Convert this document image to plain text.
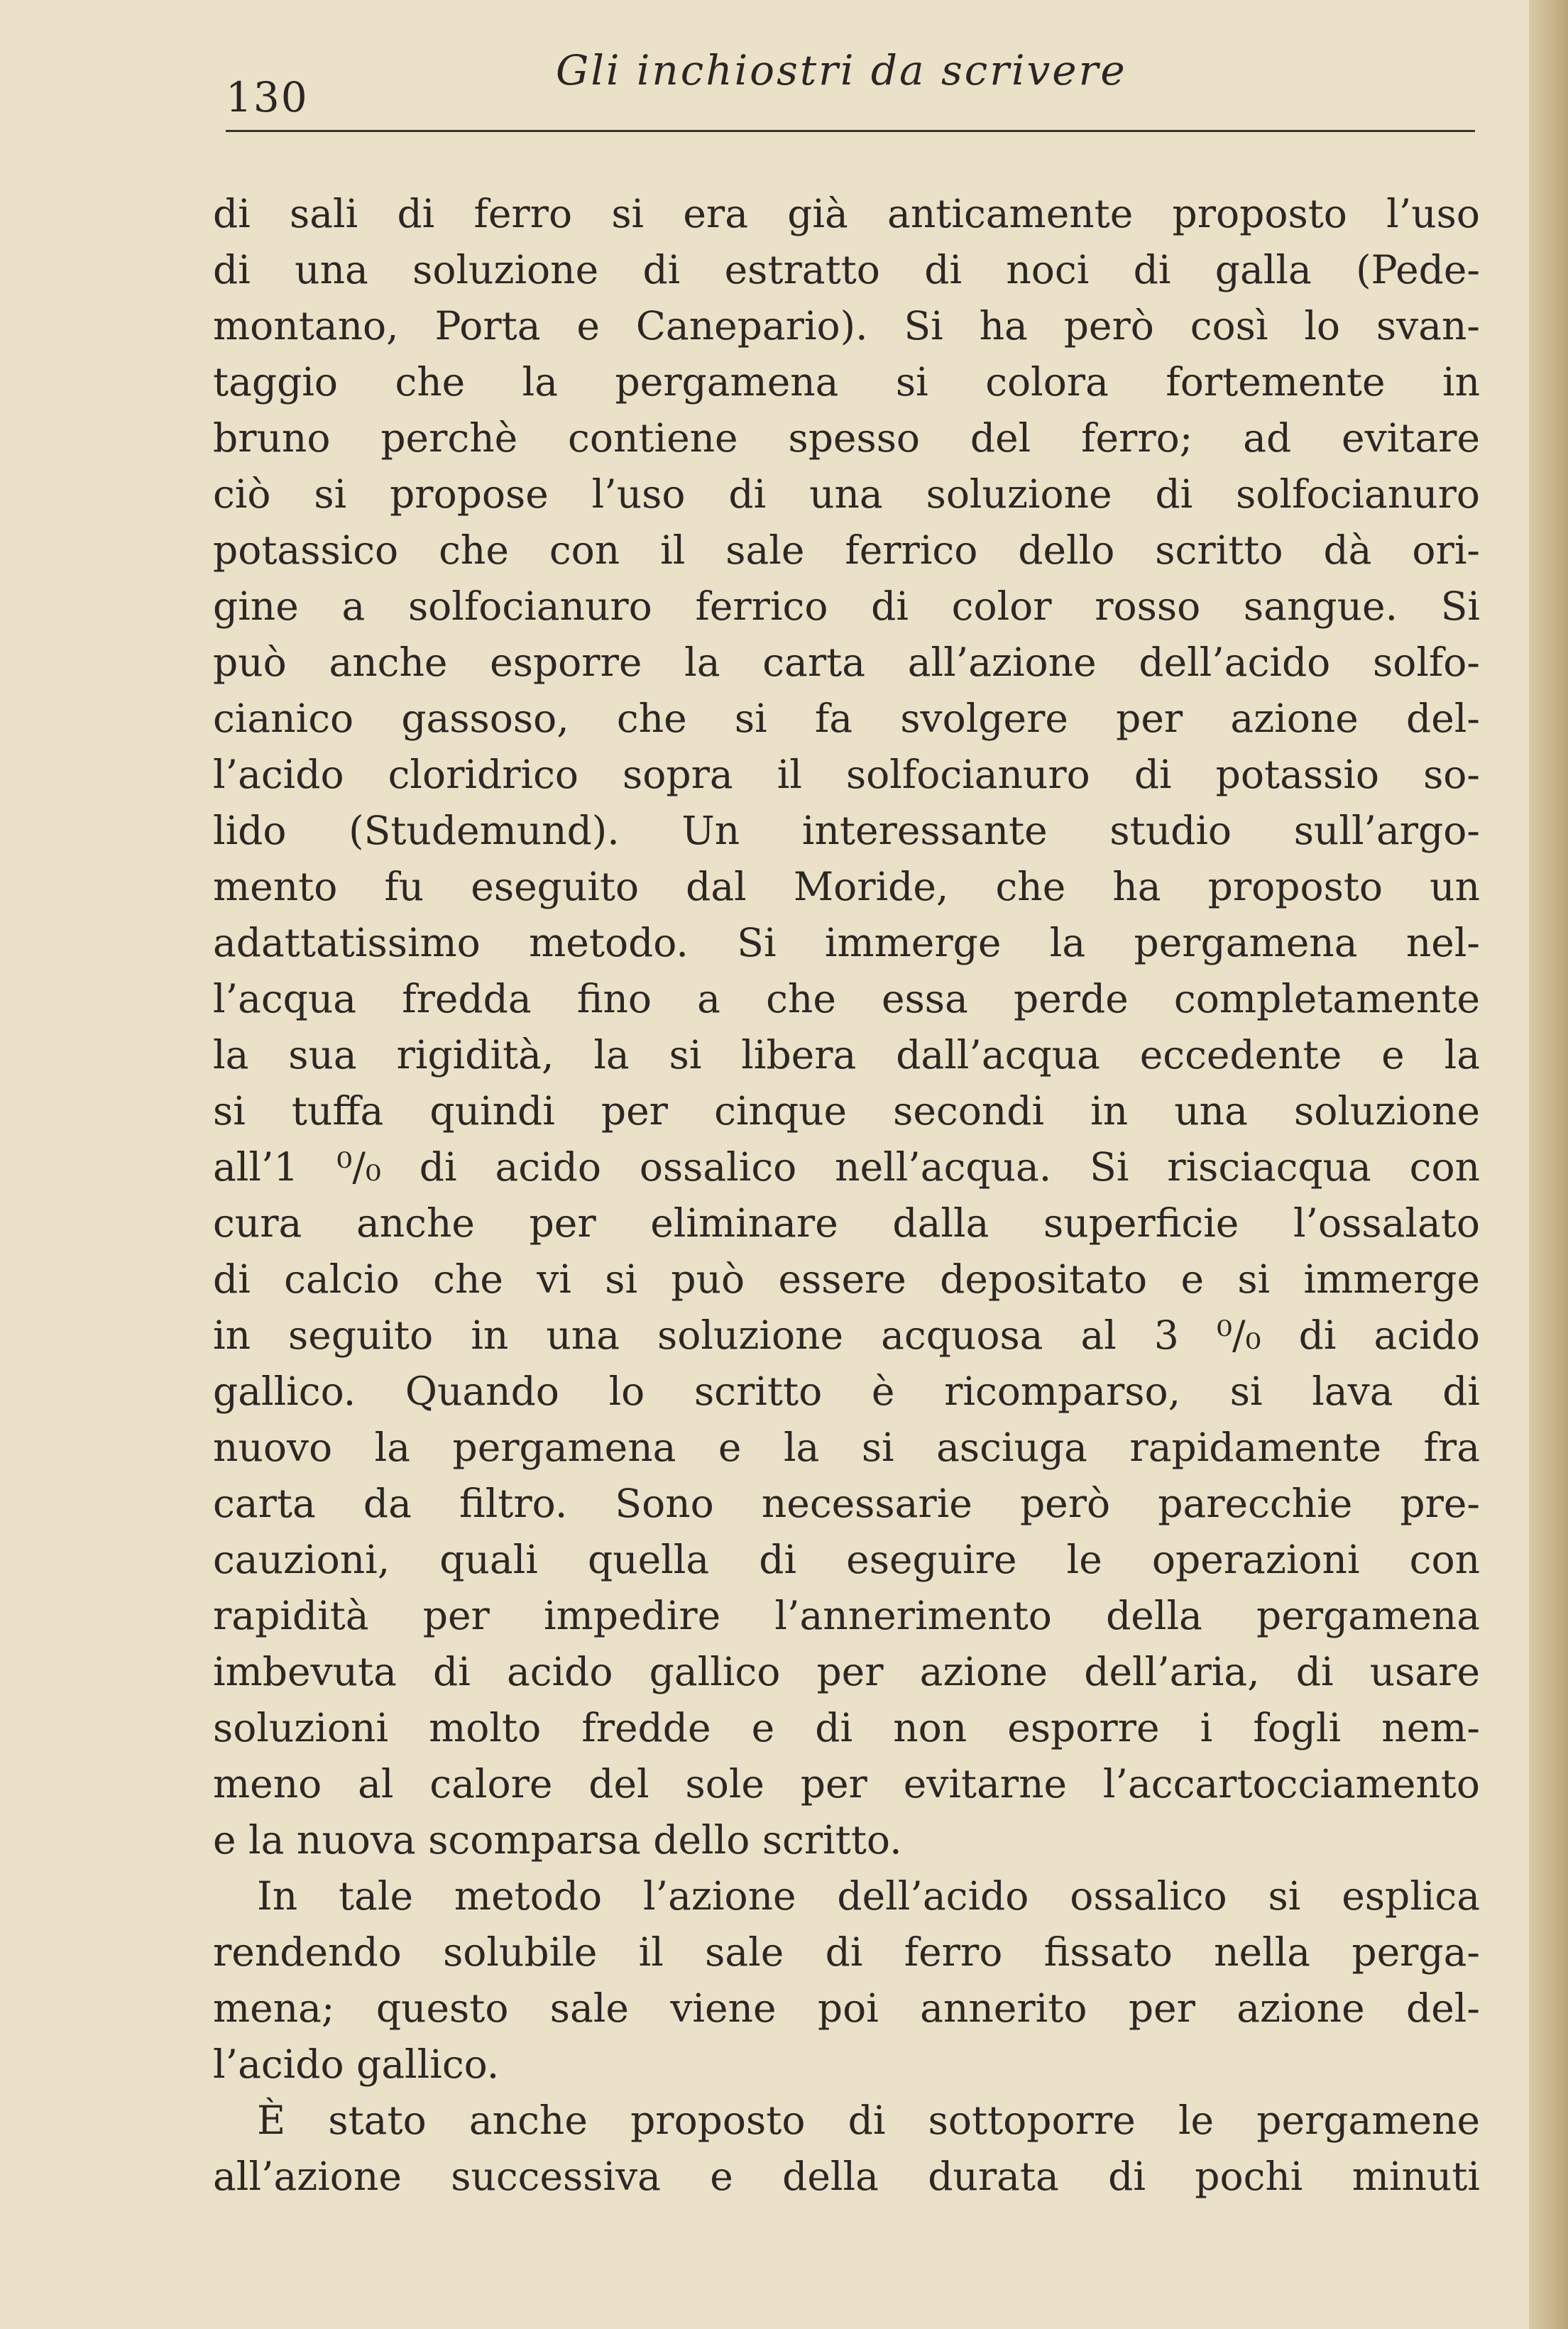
130
Gli inchiostri da scrivere
di sali di ferro si era già anticamente proposto l’uso
di una soluzione di estratto di noci di galla (Pede-
montano, Porta e Canepario). Si ha però così lo svan-
taggio che la pergamena si colora fortemente in
bruno perchè contiene spesso del ferro; ad evitare
ciò si propose l’uso di una soluzione di solfocianuro
potassico che con il sale ferrico dello scritto dà ori-
gine a solfocianuro ferrico di color rosso sangue. Si
può anche esporre la carta all’azione dell’acido solfo-
cianico gassoso, che si fa svolgere per azione del-
l’acido cloridrico sopra il solfocianuro di potassio so-
lido (Studemund). Un interessante studio sull’argo-
mento fu eseguito dal Moride, che ha proposto un
adattatissimo metodo. Si immerge la pergamena nel-
l’acqua fredda fino a che essa perde completamente
la sua rigidità, la si libera dall’acqua eccedente e la
si tuffa quindi per cinque secondi in una soluzione
all’1 ⁰/₀ di acido ossalico nell’acqua. Si risciacqua con
cura anche per eliminare dalla superficie l’ossalato
di calcio che vi si può essere depositato e si immerge
in seguito in una soluzione acquosa al 3 ⁰/₀ di acido
gallico. Quando lo scritto è ricomparso, si lava di
nuovo la pergamena e la si asciuga rapidamente fra
carta da filtro. Sono necessarie però parecchie pre-
cauzioni, quali quella di eseguire le operazioni con
rapidità per impedire l’annerimento della pergamena
imbevuta di acido gallico per azione dell’aria, di usare
soluzioni molto fredde e di non esporre i fogli nem-
meno al calore del sole per evitarne l’accartocciamento
e la nuova scomparsa dello scritto.
In tale metodo l’azione dell’acido ossalico si esplica
rendendo solubile il sale di ferro fissato nella perga-
mena; questo sale viene poi annerito per azione del-
l’acido gallico.
È stato anche proposto di sottoporre le pergamene
all’azione successiva e della durata di pochi minuti
